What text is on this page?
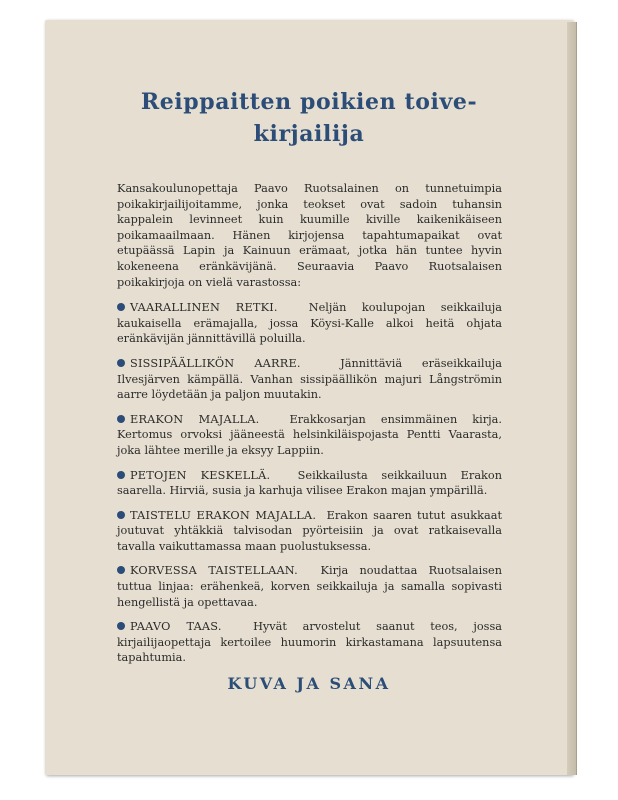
Reippaitten poikien toive-
kirjailija

Kansakoulunopettaja Paavo Ruotsalainen on tunnetuimpia poikakirjailijoitamme, jonka teokset ovat sadoin tuhansin kappalein levinneet kuin kuumille kiville kaikenikäiseen poikamaailmaan. Hänen kirjojensa tapahtumapaikat ovat etupäässä Lapin ja Kainuun erämaat, jotka hän tuntee hyvin kokeneena eränkävijänä. Seuraavia Paavo Ruotsalaisen poikakirjoja on vielä varastossa:

VAARALLINEN RETKI.	Neljän koulupojan seikkailuja kaukaisella erämajalla, jossa Köysi-Kalle alkoi heitä ohjata eränkävijän jännittävillä poluilla.

SISSIPÄÄLLIKÖN AARRE.	Jännittäviä eräseikkailuja Ilvesjärven kämpällä. Vanhan sissipäällikön majuri Långströmin aarre löydetään ja paljon muutakin.

ERAKON MAJALLA.	Erakkosarjan ensimmäinen kirja. Kertomus orvoksi jääneestä helsinkiläispojasta Pentti Vaarasta, joka lähtee merille ja eksyy Lappiin.

PETOJEN KESKELLÄ. Seikkailusta seikkailuun Erakon saarella. Hirviä, susia ja karhuja vilisee Erakon majan ympärillä.

TAISTELU ERAKON MAJALLA. Erakon saaren tutut asukkaat joutuvat yhtäkkiä talvisodan pyörteisiin ja ovat ratkaisevalla tavalla vaikuttamassa maan puolustuksessa.

KORVESSA TAISTELLAAN. Kirja noudattaa Ruotsalaisen tuttua linjaa: erähenkeä, korven seikkailuja ja samalla sopivasti hengellistä ja opettavaa.

PAAVO TAAS.	Hyvät arvostelut saanut teos, jossa kirjailijaopettaja kertoilee huumorin kirkastamana lapsuutensa tapahtumia.

KUVA JA SANA
